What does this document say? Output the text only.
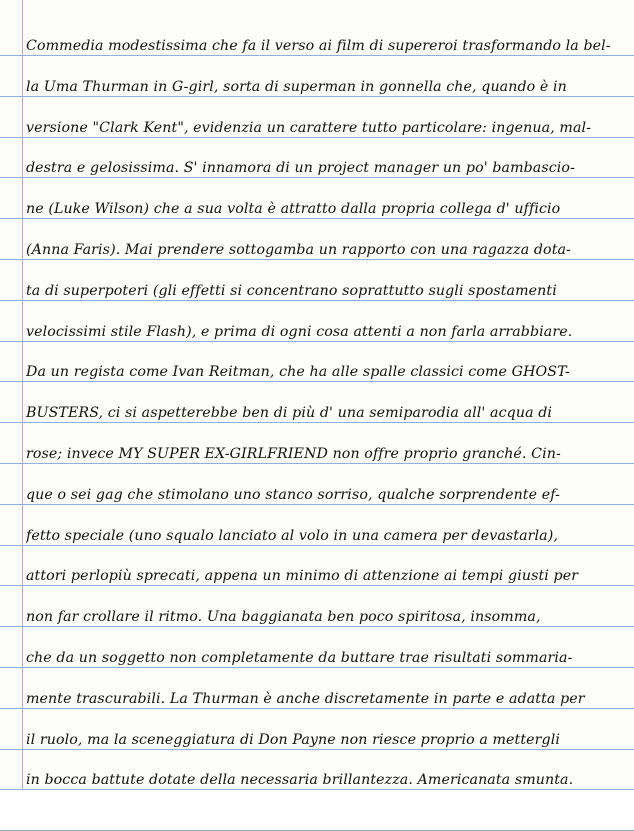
Commedia modestissima che fa il verso ai film di supereroi trasformando la bel-
la Uma Thurman in G-girl, sorta di superman in gonnella che, quando è in
versione "Clark Kent", evidenzia un carattere tutto particolare: ingenua, mal-
destra e gelosissima. S' innamora di un project manager un po' bambascio-
ne (Luke Wilson) che a sua volta è attratto dalla propria collega d' ufficio
(Anna Faris). Mai prendere sottogamba un rapporto con una ragazza dota-
ta di superpoteri (gli effetti si concentrano soprattutto sugli spostamenti
velocissimi stile Flash), e prima di ogni cosa attenti a non farla arrabbiare.
Da un regista come Ivan Reitman, che ha alle spalle classici come GHOST-
BUSTERS, ci si aspetterebbe ben di più d' una semiparodia all' acqua di
rose; invece MY SUPER EX-GIRLFRIEND non offre proprio granché. Cin-
que o sei gag che stimolano uno stanco sorriso, qualche sorprendente ef-
fetto speciale (uno squalo lanciato al volo in una camera per devastarla),
attori perlopiù sprecati, appena un minimo di attenzione ai tempi giusti per
non far crollare il ritmo. Una baggianata ben poco spiritosa, insomma,
che da un soggetto non completamente da buttare trae risultati sommaria-
mente trascurabili. La Thurman è anche discretamente in parte e adatta per
il ruolo, ma la sceneggiatura di Don Payne non riesce proprio a mettergli
in bocca battute dotate della necessaria brillantezza. Americanata smunta.
